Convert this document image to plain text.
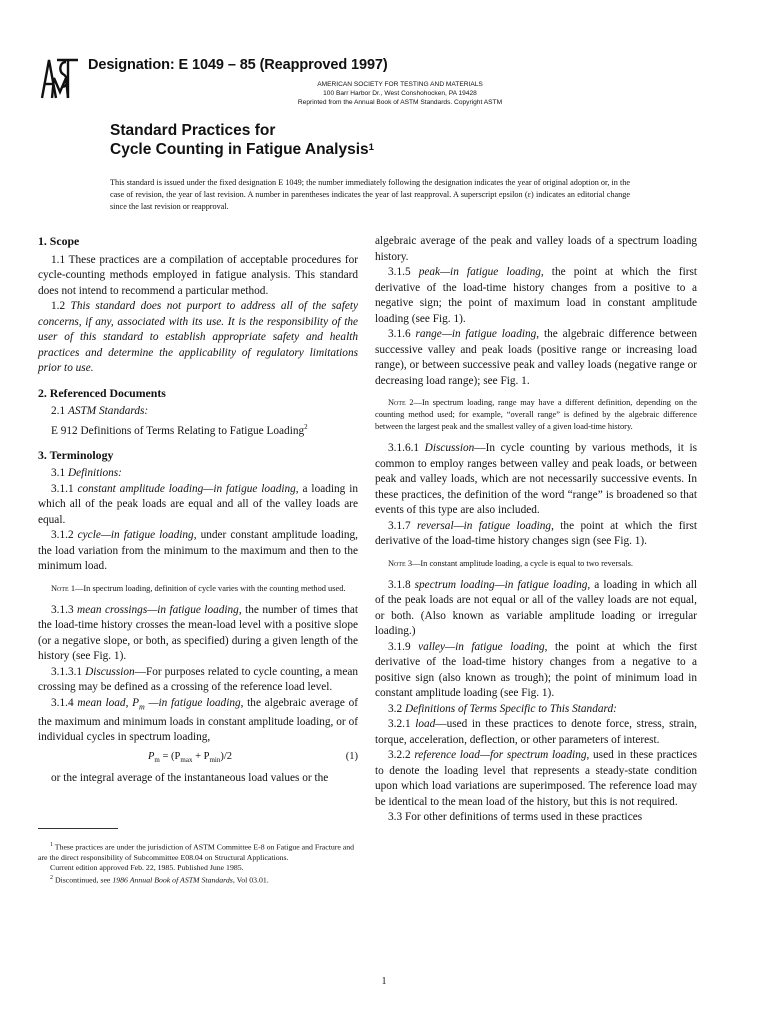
Designation: E 1049 – 85 (Reapproved 1997)
AMERICAN SOCIETY FOR TESTING AND MATERIALS
100 Barr Harbor Dr., West Conshohocken, PA 19428
Reprinted from the Annual Book of ASTM Standards. Copyright ASTM
Standard Practices for
Cycle Counting in Fatigue Analysis$^1$
This standard is issued under the fixed designation E 1049; the number immediately following the designation indicates the year of original adoption or, in the case of revision, the year of last revision. A number in parentheses indicates the year of last reapproval. A superscript epsilon (ε) indicates an editorial change since the last revision or reapproval.

1. Scope

1.1 These practices are a compilation of acceptable procedures for cycle-counting methods employed in fatigue analysis. This standard does not intend to recommend a particular method.

1.2 This standard does not purport to address all of the safety concerns, if any, associated with its use. It is the responsibility of the user of this standard to establish appropriate safety and health practices and determine the applicability of regulatory limitations prior to use.

2. Referenced Documents

2.1 ASTM Standards:

E 912 Definitions of Terms Relating to Fatigue Loading$^2$

3. Terminology

3.1 Definitions:

3.1.1 constant amplitude loading—in fatigue loading, a loading in which all of the peak loads are equal and all of the valley loads are equal.

3.1.2 cycle—in fatigue loading, under constant amplitude loading, the load variation from the minimum to the maximum and then to the minimum load.

Note 1—In spectrum loading, definition of cycle varies with the counting method used.

3.1.3 mean crossings—in fatigue loading, the number of times that the load-time history crosses the mean-load level with a positive slope (or a negative slope, or both, as specified) during a given length of the history (see Fig. 1).

3.1.3.1 Discussion—For purposes related to cycle counting, a mean crossing may be defined as a crossing of the reference load level.

3.1.4 mean load, $P_m$ —in fatigue loading, the algebraic average of the maximum and minimum loads in constant amplitude loading, or of individual cycles in spectrum loading,

$P_m = (P_{max} + P_{min})/2$	(1)

or the integral average of the instantaneous load values or the

algebraic average of the peak and valley loads of a spectrum loading history.

3.1.5 peak—in fatigue loading, the point at which the first derivative of the load-time history changes from a positive to a negative sign; the point of maximum load in constant amplitude loading (see Fig. 1).

3.1.6 range—in fatigue loading, the algebraic difference between successive valley and peak loads (positive range or increasing load range), or between successive peak and valley loads (negative range or decreasing load range); see Fig. 1.

Note 2—In spectrum loading, range may have a different definition, depending on the counting method used; for example, “overall range” is defined by the algebraic difference between the largest peak and the smallest valley of a given load-time history.

3.1.6.1 Discussion—In cycle counting by various methods, it is common to employ ranges between valley and peak loads, or between peak and valley loads, which are not necessarily successive events. In these practices, the definition of the word “range” is broadened so that events of this type are also included.

3.1.7 reversal—in fatigue loading, the point at which the first derivative of the load-time history changes sign (see Fig. 1).

Note 3—In constant amplitude loading, a cycle is equal to two reversals.

3.1.8 spectrum loading—in fatigue loading, a loading in which all of the peak loads are not equal or all of the valley loads are not equal, or both. (Also known as variable amplitude loading or irregular loading.)

3.1.9 valley—in fatigue loading, the point at which the first derivative of the load-time history changes from a negative to a positive sign (also known as trough); the point of minimum load in constant amplitude loading (see Fig. 1).

3.2 Definitions of Terms Specific to This Standard:

3.2.1 load—used in these practices to denote force, stress, strain, torque, acceleration, deflection, or other parameters of interest.

3.2.2 reference load—for spectrum loading, used in these practices to denote the loading level that represents a steady-state condition upon which load variations are superimposed. The reference load may be identical to the mean load of the history, but this is not required.

3.3 For other definitions of terms used in these practices

$^1$ These practices are under the jurisdiction of ASTM Committee E-8 on Fatigue and Fracture and are the direct responsibility of Subcommittee E08.04 on Structural Applications.

Current edition approved Feb. 22, 1985. Published June 1985.

$^2$ Discontinued, see 1986 Annual Book of ASTM Standards, Vol 03.01.

1
